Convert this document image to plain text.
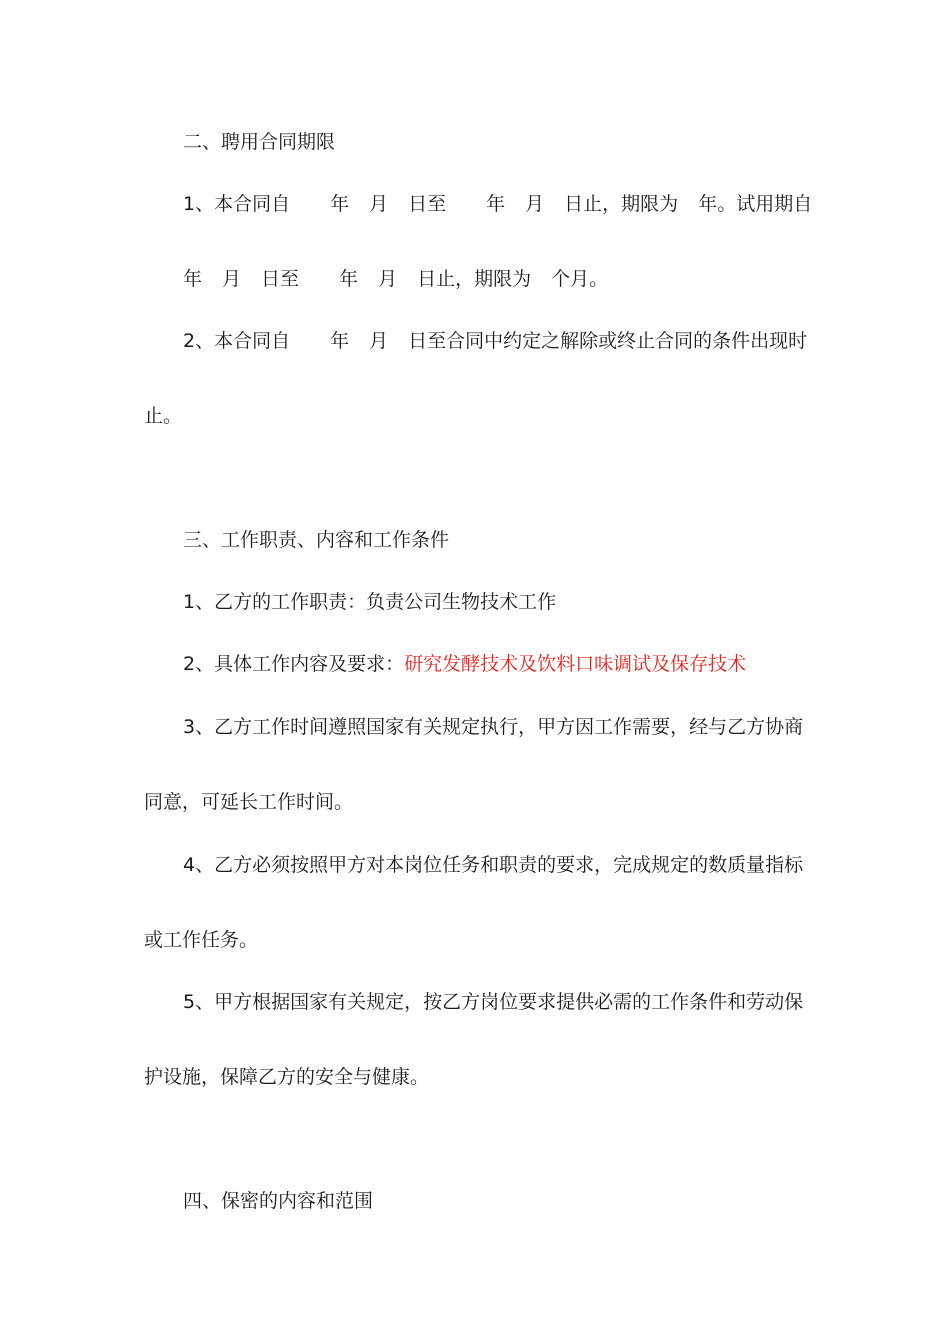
二、聘用合同期限
1、本合同自 年 月 日至 年 月 日止，期限为 年。试用期自
年 月 日至 年 月 日止，期限为 个月。
2、本合同自 年 月 日至合同中约定之解除或终止合同的条件出现时
止。
三、工作职责、内容和工作条件
1、乙方的工作职责：负责公司生物技术工作
2、具体工作内容及要求：研究发酵技术及饮料口味调试及保存技术
3、乙方工作时间遵照国家有关规定执行，甲方因工作需要，经与乙方协商
同意，可延长工作时间。
4、乙方必须按照甲方对本岗位任务和职责的要求，完成规定的数质量指标
或工作任务。
5、甲方根据国家有关规定，按乙方岗位要求提供必需的工作条件和劳动保
护设施，保障乙方的安全与健康。
四、保密的内容和范围
